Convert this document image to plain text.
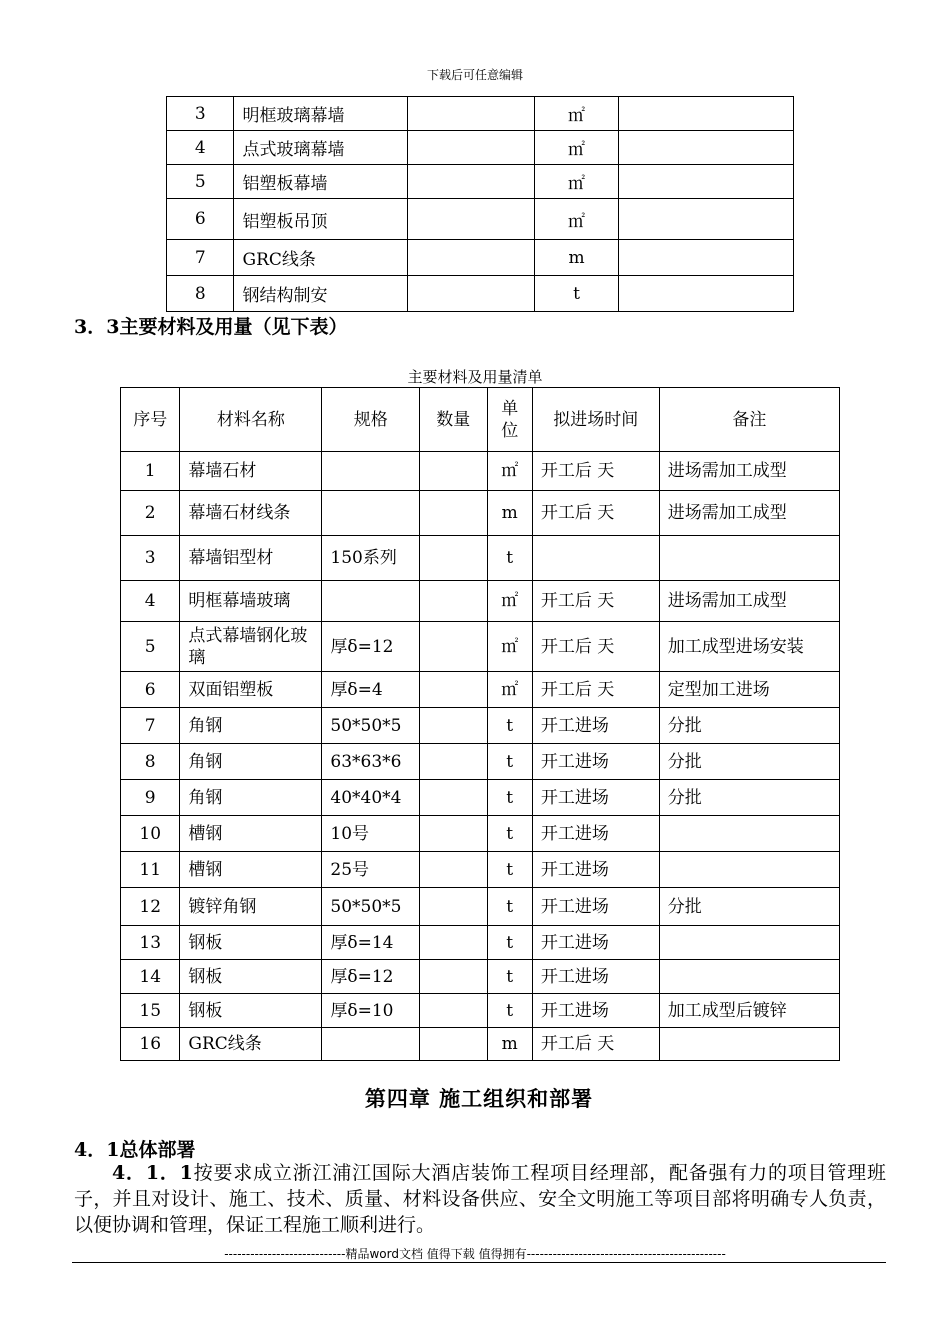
下载后可任意编辑
3	明框玻璃幕墙		㎡	
4	点式玻璃幕墙		㎡	
5	铝塑板幕墙		㎡	
6	铝塑板吊顶		㎡	
7	GRC线条		m	
8	钢结构制安		t	
3．3主要材料及用量（见下表）
主要材料及用量清单
序号	材料名称	规格	数量	单位	拟进场时间	备注
1	幕墙石材			㎡	开工后 天	进场需加工成型
2	幕墙石材线条			m	开工后 天	进场需加工成型
3	幕墙铝型材	150系列		t		
4	明框幕墙玻璃			㎡	开工后 天	进场需加工成型
5	点式幕墙钢化玻璃	厚δ=12		㎡	开工后 天	加工成型进场安装
6	双面铝塑板	厚δ=4		㎡	开工后 天	定型加工进场
7	角钢	50*50*5		t	开工进场	分批
8	角钢	63*63*6		t	开工进场	分批
9	角钢	40*40*4		t	开工进场	分批
10	槽钢	10号		t	开工进场	
11	槽钢	25号		t	开工进场	
12	镀锌角钢	50*50*5		t	开工进场	分批
13	钢板	厚δ=14		t	开工进场	
14	钢板	厚δ=12		t	开工进场	
15	钢板	厚δ=10		t	开工进场	加工成型后镀锌
16	GRC线条			m	开工后 天	
第四章 施工组织和部署
4．1总体部署
4．1．1按要求成立浙江浦江国际大酒店装饰工程项目经理部，配备强有力的项目管理班子，并且对设计、施工、技术、质量、材料设备供应、安全文明施工等项目部将明确专人负责，以便协调和管理，保证工程施工顺利进行。
----------------------------精品word文档 值得下载 值得拥有----------------------------------------------
